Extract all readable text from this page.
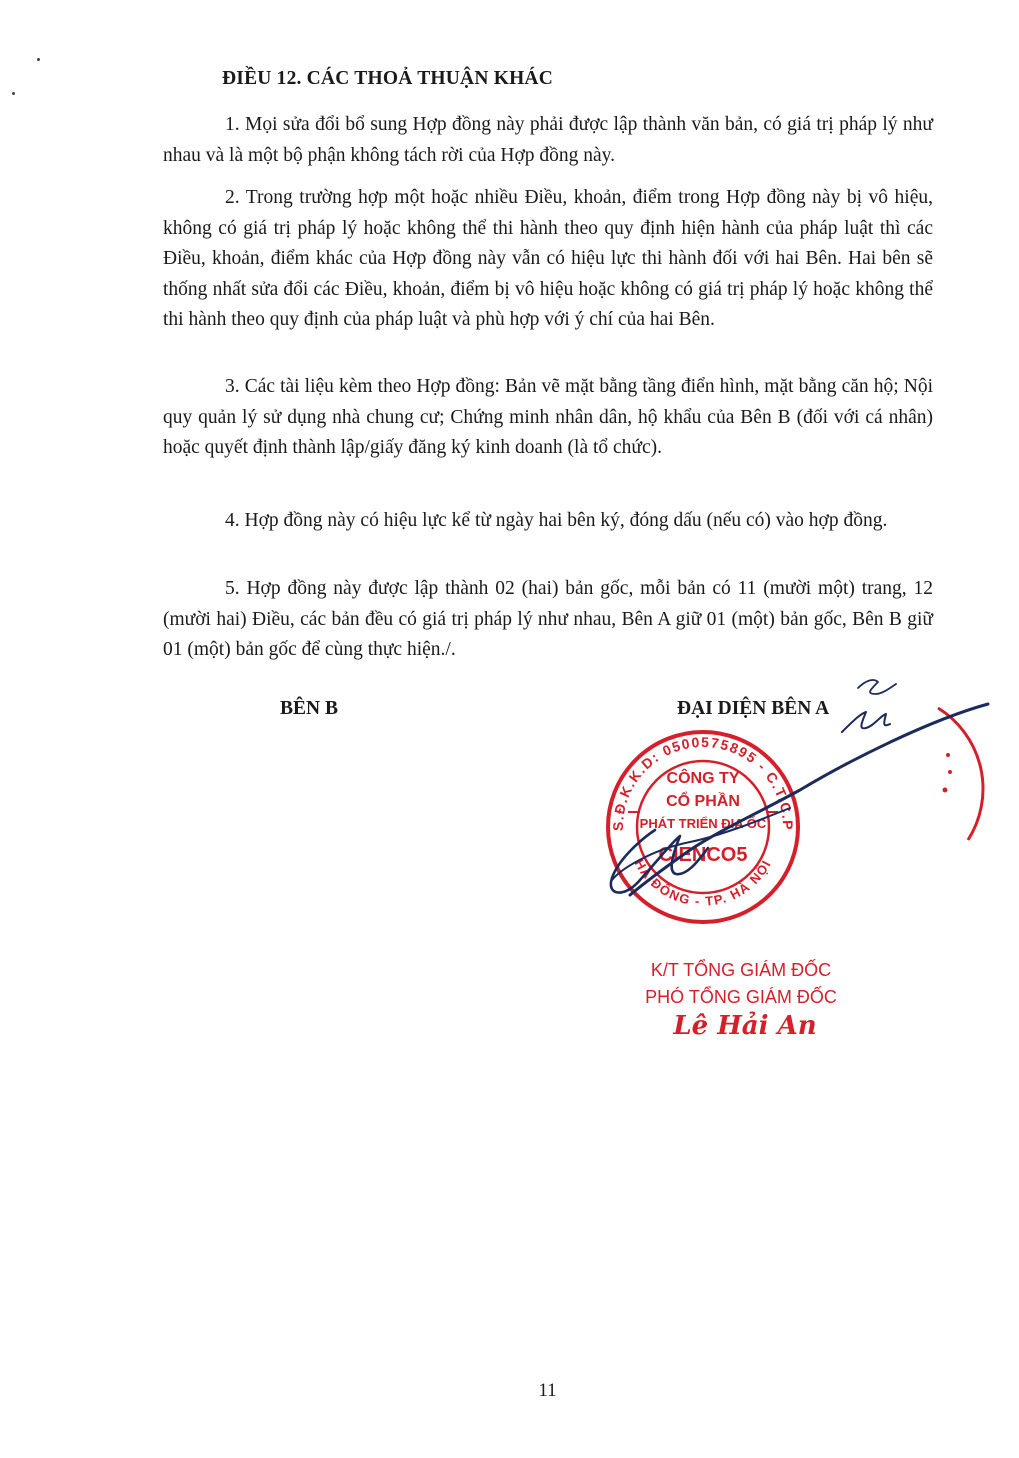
ĐIỀU 12. CÁC THOẢ THUẬN KHÁC
1. Mọi sửa đổi bổ sung Hợp đồng này phải được lập thành văn bản, có giá trị pháp lý như nhau và là một bộ phận không tách rời của Hợp đồng này.
2. Trong trường hợp một hoặc nhiều Điều, khoản, điểm trong Hợp đồng này bị vô hiệu, không có giá trị pháp lý hoặc không thể thi hành theo quy định hiện hành của pháp luật thì các Điều, khoản, điểm khác của Hợp đồng này vẫn có hiệu lực thi hành đối với hai Bên. Hai bên sẽ thống nhất sửa đổi các Điều, khoản, điểm bị vô hiệu hoặc không có giá trị pháp lý hoặc không thể thi hành theo quy định của pháp luật và phù hợp với ý chí của hai Bên.
3. Các tài liệu kèm theo Hợp đồng: Bản vẽ mặt bằng tầng điển hình, mặt bằng căn hộ; Nội quy quản lý sử dụng nhà chung cư; Chứng minh nhân dân, hộ khẩu của Bên B (đối với cá nhân) hoặc quyết định thành lập/giấy đăng ký kinh doanh (là tổ chức).
4. Hợp đồng này có hiệu lực kể từ ngày hai bên ký, đóng dấu (nếu có) vào hợp đồng.
5. Hợp đồng này được lập thành 02 (hai) bản gốc, mỗi bản có 11 (mười một) trang, 12 (mười hai) Điều, các bản đều có giá trị pháp lý như nhau, Bên A giữ 01 (một) bản gốc, Bên B giữ 01 (một) bản gốc để cùng thực hiện./.
BÊN B	ĐẠI DIỆN BÊN A
S.Đ.K.K.D: 0500575895 - C.T.C.P
HÀ ĐÔNG - TP. HÀ NỘI
CÔNG TY
CỔ PHẦN
PHÁT TRIỂN ĐỊA ỐC
CIENCO5
K/T TỔNG GIÁM ĐỐC
PHÓ TỔNG GIÁM ĐỐC
Lê Hải An
11
